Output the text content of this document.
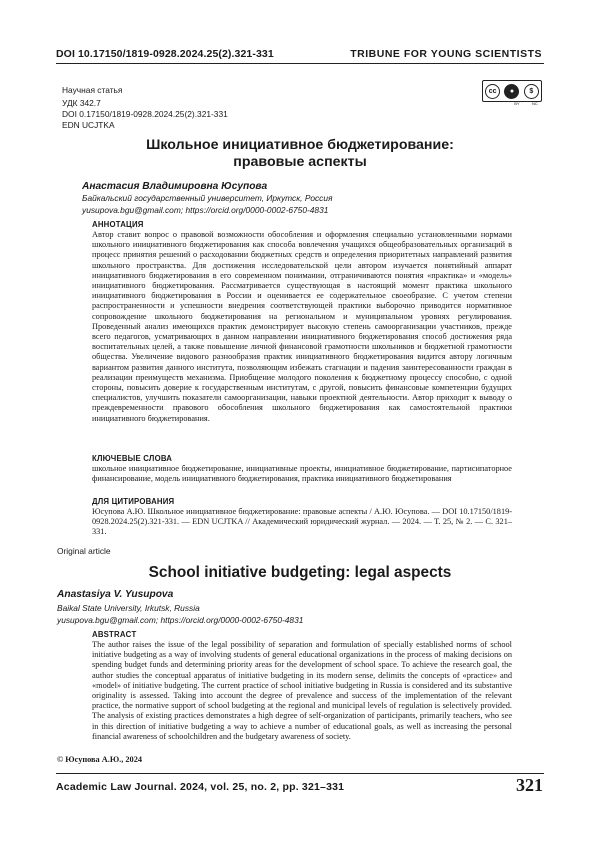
DOI 10.17150/1819-0928.2024.25(2).321-331	TRIBUNE FOR YOUNG SCIENTISTS
Научная статья
УДК 342.7
DOI 0.17150/1819-0928.2024.25(2).321-331
EDN UCJTKA
cc	●	$
BY	NC
Школьное инициативное бюджетирование:
правовые аспекты
Анастасия Владимировна Юсупова
Байкальский государственный университет, Иркутск, Россия
yusupova.bgu@gmail.com; https://orcid.org/0000-0002-6750-4831
АННОТАЦИЯ
Автор ставит вопрос о правовой возможности обособления и оформления специально установленными нормами школьного инициативного бюджетирования как способа вовлечения учащихся общеобразовательных организаций в процесс принятия решений о расходовании бюджетных средств и определения приоритетных направлений развития школьного пространства. Для достижения исследовательской цели автором изучается понятийный аппарат инициативного бюджетирования в его современном понимании, отграничиваются понятия «практика» и «модель» инициативного бюджетирования. Рассматривается существующая в настоящий момент практика школьного инициативного бюджетирования в России и оценивается ее содержательное своеобразие. С учетом степени распространенности и успешности внедрения соответствующей практики выборочно приводится нормативное сопровождение школьного бюджетирования на региональном и муниципальном уровнях регулирования. Проведенный анализ имеющихся практик демонстрирует высокую степень самоорганизации участников, прежде всего педагогов, усматривающих в данном направлении инициативного бюджетирования способ достижения ряда воспитательных целей, а также повышение личной финансовой грамотности школьников и бюджетной грамотности общества. Увеличение видового разнообразия практик инициативного бюджетирования видится автору логичным вариантом развития данного института, позволяющим избежать стагнации и падения заинтересованности граждан в реализации преимуществ механизма. Приобщение молодого поколения к бюджетному процессу способно, с одной стороны, повысить доверие к государственным институтам, с другой, повысить финансовые компетенции будущих специалистов, улучшить показатели самоорганизации, навыки проектной деятельности. Автор приходит к выводу о преждевременности правового обособления школьного бюджетирования как самостоятельной практики инициативного бюджетирования.
КЛЮЧЕВЫЕ СЛОВА
школьное инициативное бюджетирование, инициативные проекты, инициативное бюджетирование, партисипаторное финансирование, модель инициативного бюджетирования, практика инициативного бюджетирования
ДЛЯ ЦИТИРОВАНИЯ
Юсупова А.Ю. Школьное инициативное бюджетирование: правовые аспекты / А.Ю. Юсупова. — DOI 10.17150/1819-0928.2024.25(2).321-331. — EDN UCJTKA // Академический юридический журнал. — 2024. — Т. 25, № 2. — С. 321–331.
Original article
School initiative budgeting: legal aspects
Anastasiya V. Yusupova
Baikal State University, Irkutsk, Russia
yusupova.bgu@gmail.com; https://orcid.org/0000-0002-6750-4831
ABSTRACT
The author raises the issue of the legal possibility of separation and formulation of specially established norms of school initiative budgeting as a way of involving students of general educational organizations in the process of making decisions on spending budget funds and determining priority areas for the development of school space. To achieve the research goal, the author studies the conceptual apparatus of initiative budgeting in its modern sense, delimits the concepts of «practice» and «model» of initiative budgeting. The current practice of school initiative budgeting in Russia is considered and its substantive originality is assessed. Taking into account the degree of prevalence and success of the implementation of the relevant practice, the normative support of school budgeting at the regional and municipal levels of regulation is selectively provided. The analysis of existing practices demonstrates a high degree of self-organization of participants, primarily teachers, who see in this direction of initiative budgeting a way to achieve a number of educational goals, as well as increasing the personal financial awareness of schoolchildren and the budgetary awareness of society.
© Юсупова А.Ю., 2024
Academic Law Journal. 2024, vol. 25, no. 2, pp. 321–331	321
